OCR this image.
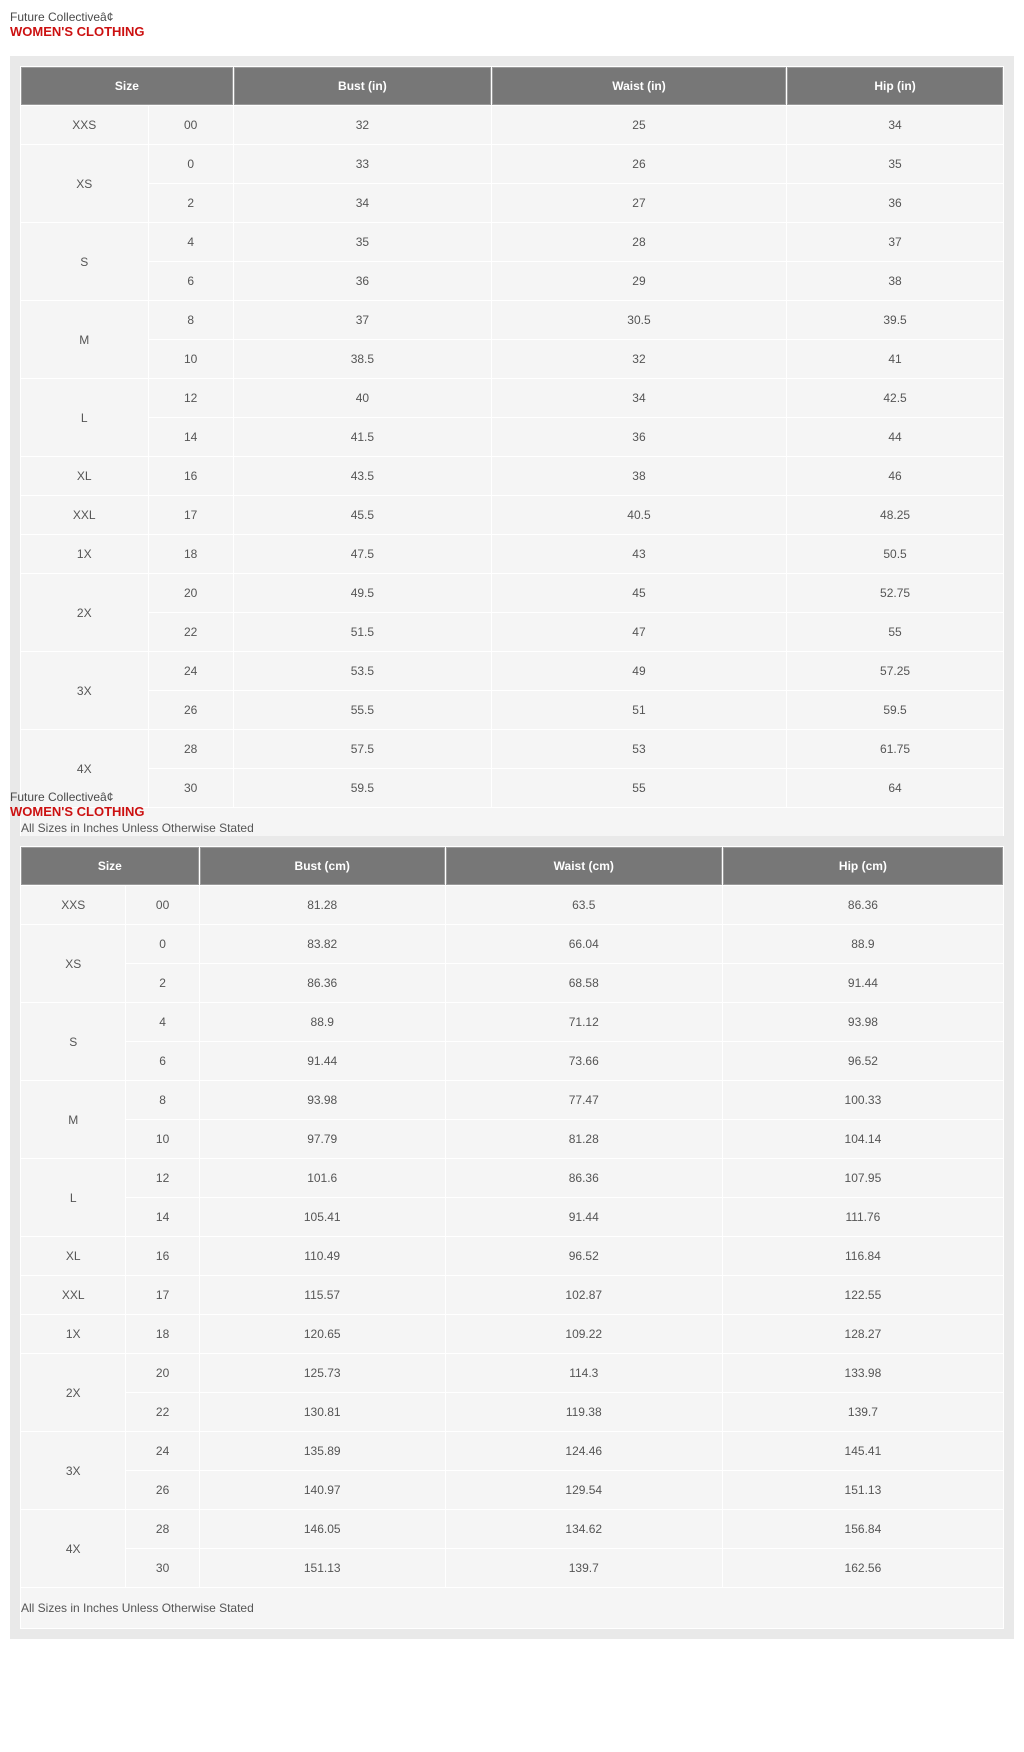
Future Collectiveâ¢
WOMEN'S CLOTHING
Size		Bust (in)	Waist (in)	Hip (in)
XXS	00	32	25	34
XS	0	33	26	35
	2	34	27	36
S	4	35	28	37
	6	36	29	38
M	8	37	30.5	39.5
	10	38.5	32	41
L	12	40	34	42.5
	14	41.5	36	44
XL	16	43.5	38	46
XXL	17	45.5	40.5	48.25
1X	18	47.5	43	50.5
2X	20	49.5	45	52.75
	22	51.5	47	55
3X	24	53.5	49	57.25
	26	55.5	51	59.5
4X	28	57.5	53	61.75
	30	59.5	55	64
All Sizes in Inches Unless Otherwise Stated				
Future Collectiveâ¢
WOMEN'S CLOTHING
Size		Bust (cm)	Waist (cm)	Hip (cm)
XXS	00	81.28	63.5	86.36
XS	0	83.82	66.04	88.9
	2	86.36	68.58	91.44
S	4	88.9	71.12	93.98
	6	91.44	73.66	96.52
M	8	93.98	77.47	100.33
	10	97.79	81.28	104.14
L	12	101.6	86.36	107.95
	14	105.41	91.44	111.76
XL	16	110.49	96.52	116.84
XXL	17	115.57	102.87	122.55
1X	18	120.65	109.22	128.27
2X	20	125.73	114.3	133.98
	22	130.81	119.38	139.7
3X	24	135.89	124.46	145.41
	26	140.97	129.54	151.13
4X	28	146.05	134.62	156.84
	30	151.13	139.7	162.56
All Sizes in Inches Unless Otherwise Stated				
